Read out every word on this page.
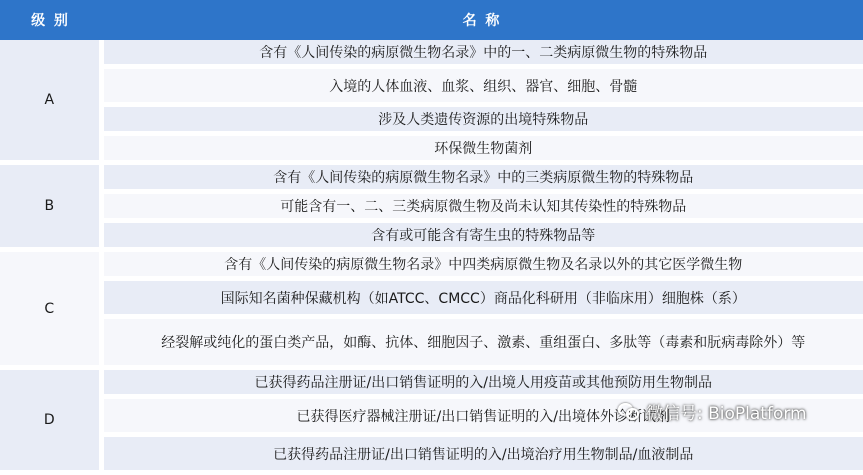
级 别	名 称
A	含有《人间传染的病原微生物名录》中的一、二类病原微生物的特殊物品
	入境的人体血液、血浆、组织、器官、细胞、骨髓
	涉及人类遗传资源的出境特殊物品
	环保微生物菌剂
B	含有《人间传染的病原微生物名录》中的三类病原微生物的特殊物品
	可能含有一、二、三类病原微生物及尚未认知其传染性的特殊物品
	含有或可能含有寄生虫的特殊物品等
C	含有《人间传染的病原微生物名录》中四类病原微生物及名录以外的其它医学微生物
	国际知名菌种保藏机构（如ATCC、CMCC）商品化科研用（非临床用）细胞株（系）
	经裂解或纯化的蛋白类产品，如酶、抗体、细胞因子、激素、重组蛋白、多肽等（毒素和朊病毒除外）等
D	已获得药品注册证/出口销售证明的入/出境人用疫苗或其他预防用生物制品
	已获得医疗器械注册证/出口销售证明的入/出境体外诊断试剂
	已获得药品注册证/出口销售证明的入/出境治疗用生物制品/血液制品
微信号: BioPlatform
